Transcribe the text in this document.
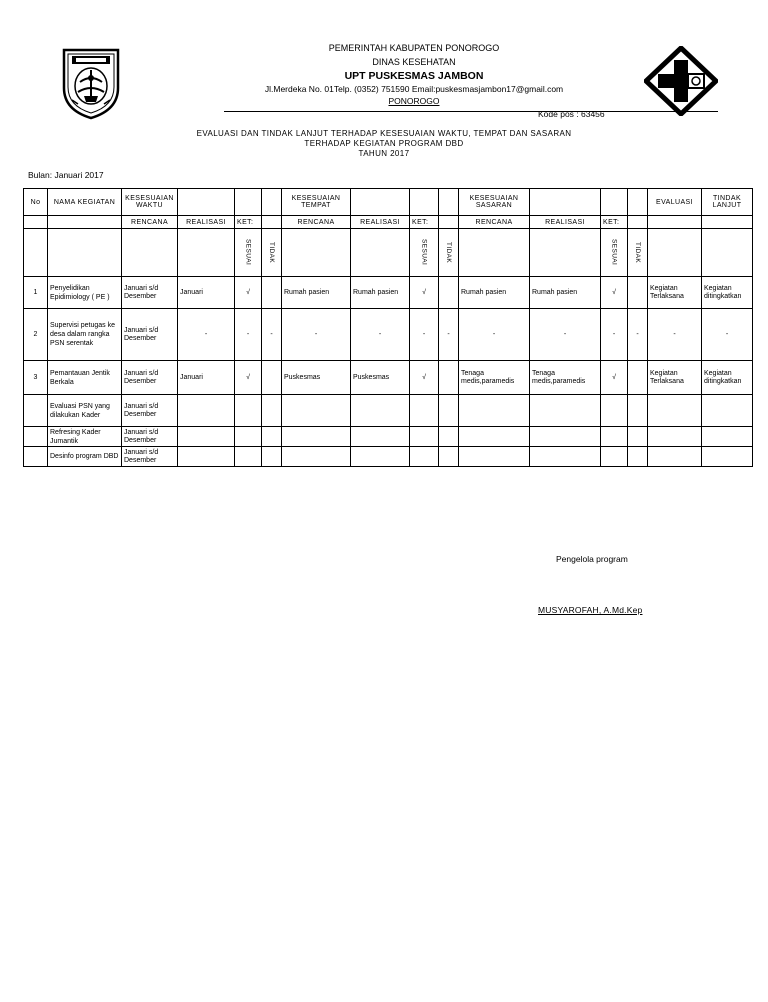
PEMERINTAH KABUPATEN PONOROGO
DINAS KESEHATAN
UPT PUSKESMAS JAMBON
Jl.Merdeka No. 01Telp. (0352) 751590 Email:puskesmasjambon17@gmail.com
PONOROGO
Kode pos : 63456
EVALUASI DAN TINDAK LANJUT TERHADAP KESESUAIAN WAKTU, TEMPAT DAN SASARAN
TERHADAP KEGIATAN PROGRAM DBD
TAHUN 2017
Bulan: Januari 2017
No	NAMA KEGIATAN	KESESUAIAN WAKTU				KESESUAIAN TEMPAT				KESESUAIAN SASARAN				EVALUASI	TINDAK LANJUT
		RENCANA	REALISASI	KET:		RENCANA	REALISASI	KET:		RENCANA	REALISASI	KET:			

				SESUAI	TIDAK			SESUAI	TIDAK			SESUAI	TIDAK		

1	Penyelidikan Epidimiology ( PE )	Januari s/d Desember	Januari	√		Rumah pasien	Rumah pasien	√		Rumah pasien	Rumah pasien	√		Kegiatan Terlaksana	Kegiatan ditingkatkan
2	Supervisi petugas ke desa dalam rangka PSN serentak	Januari s/d Desember	-	-	-	-	-	-	-	-	-	-	-	-	-
3	Pemantauan Jentik Berkala	Januari s/d Desember	Januari	√		Puskesmas	Puskesmas	√		Tenaga medis,paramedis	Tenaga medis,paramedis	√		Kegiatan Terlaksana	Kegiatan ditingkatkan
	Evaluasi PSN yang dilakukan Kader	Januari s/d Desember													
	Refresing Kader Jumantik	Januari s/d Desember													
	Desinfo program DBD	Januari s/d Desember													
Pengelola program
MUSYAROFAH, A.Md.Kep
